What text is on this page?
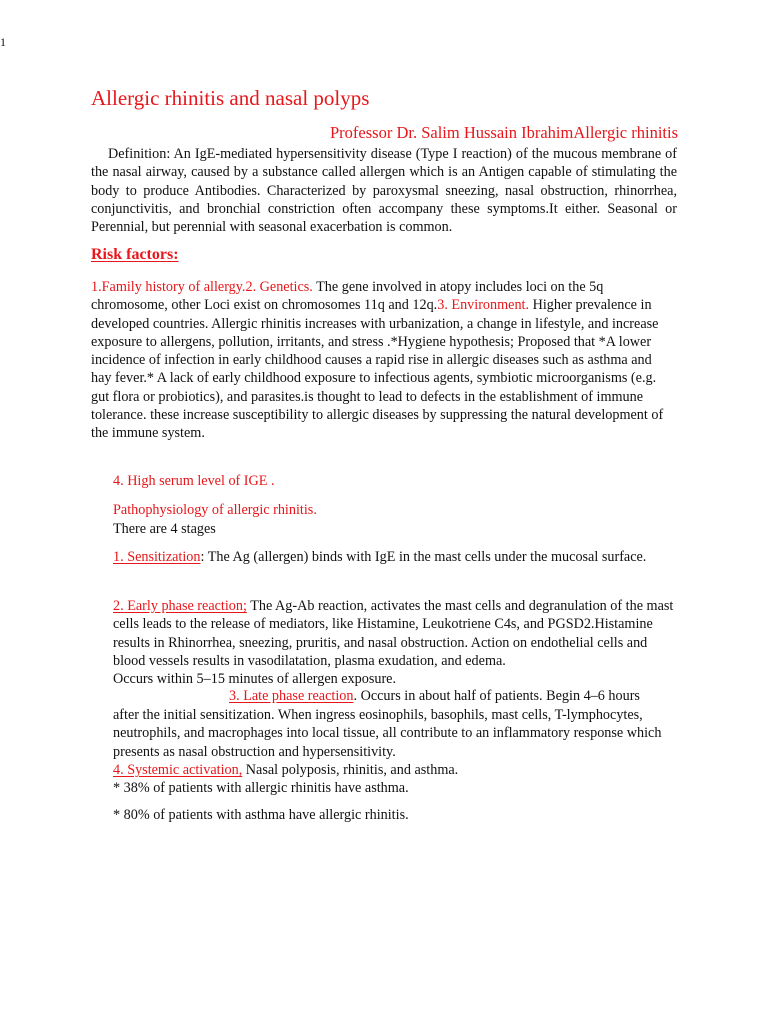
1
Allergic rhinitis and nasal polyps
Professor Dr. Salim Hussain IbrahimAllergic rhinitis

Definition: An IgE-mediated hypersensitivity disease (Type I reaction) of the mucous membrane of the nasal airway, caused by a substance called allergen which is an Antigen capable of stimulating the body to produce Antibodies. Characterized by paroxysmal sneezing, nasal obstruction, rhinorrhea, conjunctivitis, and bronchial constriction often accompany these symptoms.It either. Seasonal or Perennial, but perennial with seasonal exacerbation is common.

Risk factors:

1.Family history of allergy.2. Genetics. The gene involved in atopy includes loci on the 5q chromosome, other Loci exist on chromosomes 11q and 12q.3. Environment. Higher prevalence in developed countries. Allergic rhinitis increases with urbanization, a change in lifestyle, and increase exposure to allergens, pollution, irritants, and stress .*Hygiene hypothesis; Proposed that *A lower incidence of infection in early childhood causes a rapid rise in allergic diseases such as asthma and hay fever.* A lack of early childhood exposure to infectious agents, symbiotic microorganisms (e.g. gut flora or probiotics), and parasites.is thought to lead to defects in the establishment of immune tolerance. these increase susceptibility to allergic diseases by suppressing the natural development of the immune system.

4. High serum level of IGE .
Pathophysiology of allergic rhinitis.
There are 4 stages

1. Sensitization: The Ag (allergen) binds with IgE in the mast cells under the mucosal surface.

2. Early phase reaction; The Ag-Ab reaction, activates the mast cells and degranulation of the mast cells leads to the release of mediators, like Histamine, Leukotriene C4s, and PGSD2.Histamine results in Rhinorrhea, sneezing, pruritis, and nasal obstruction. Action on endothelial cells and blood vessels results in vasodilatation, plasma exudation, and edema.
Occurs within 5–15 minutes of allergen exposure.

3. Late phase reaction. Occurs in about half of patients. Begin 4–6 hours

after the initial sensitization. When ingress eosinophils, basophils, mast cells, T-lymphocytes, neutrophils, and macrophages into local tissue, all contribute to an inflammatory response which presents as nasal obstruction and hypersensitivity.

4. Systemic activation, Nasal polyposis, rhinitis, and asthma.
* 38% of patients with allergic rhinitis have asthma.
* 80% of patients with asthma have allergic rhinitis.
